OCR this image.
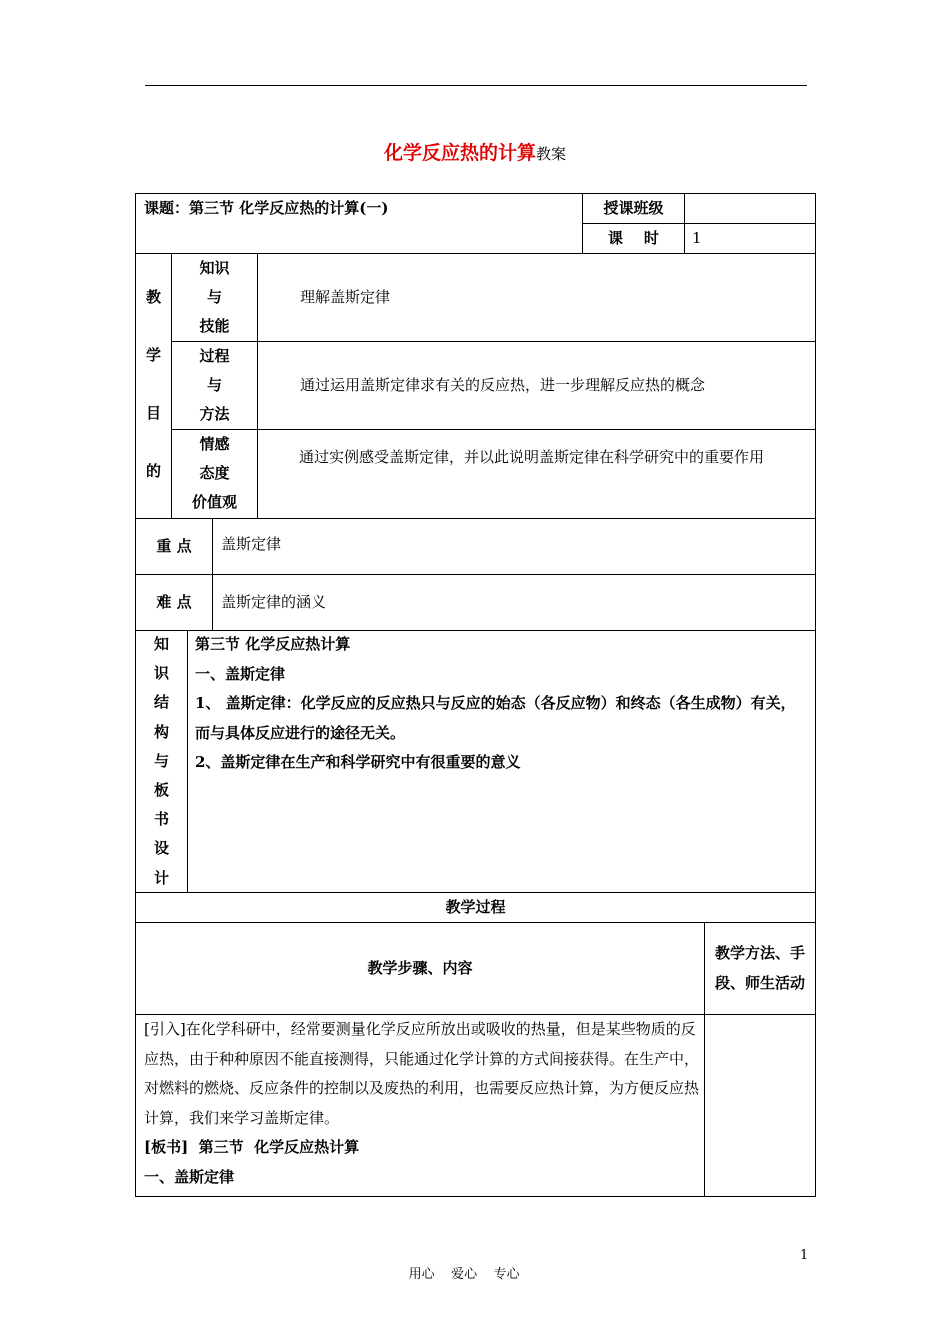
化学反应热的计算教案
课题：第三节 化学反应热的计算(一)	授课班级
课    时 1
教
学
目
的
知识
与
技能
理解盖斯定律
过程
与
方法
通过运用盖斯定律求有关的反应热，进一步理解反应热的概念
情感
态度
价值观
通过实例感受盖斯定律，并以此说明盖斯定律在科学研究中的重要作用
重 点 盖斯定律
难 点 盖斯定律的涵义
知
识
结
构
与
板
书
设
计
第三节 化学反应热计算
一、盖斯定律
1、 盖斯定律：化学反应的反应热只与反应的始态（各反应物）和终态（各生成物）有关，而与具体反应进行的途径无关。
2、盖斯定律在生产和科学研究中有很重要的意义
教学过程
教学步骤、内容
教学方法、手段、师生活动
[引入]在化学科研中，经常要测量化学反应所放出或吸收的热量，但是某些物质的反应热，由于种种原因不能直接测得，只能通过化学计算的方式间接获得。在生产中，对燃料的燃烧、反应条件的控制以及废热的利用，也需要反应热计算，为方便反应热计算，我们来学习盖斯定律。
[板书]  第三节  化学反应热计算
一、盖斯定律

用心    爱心    专心

1
